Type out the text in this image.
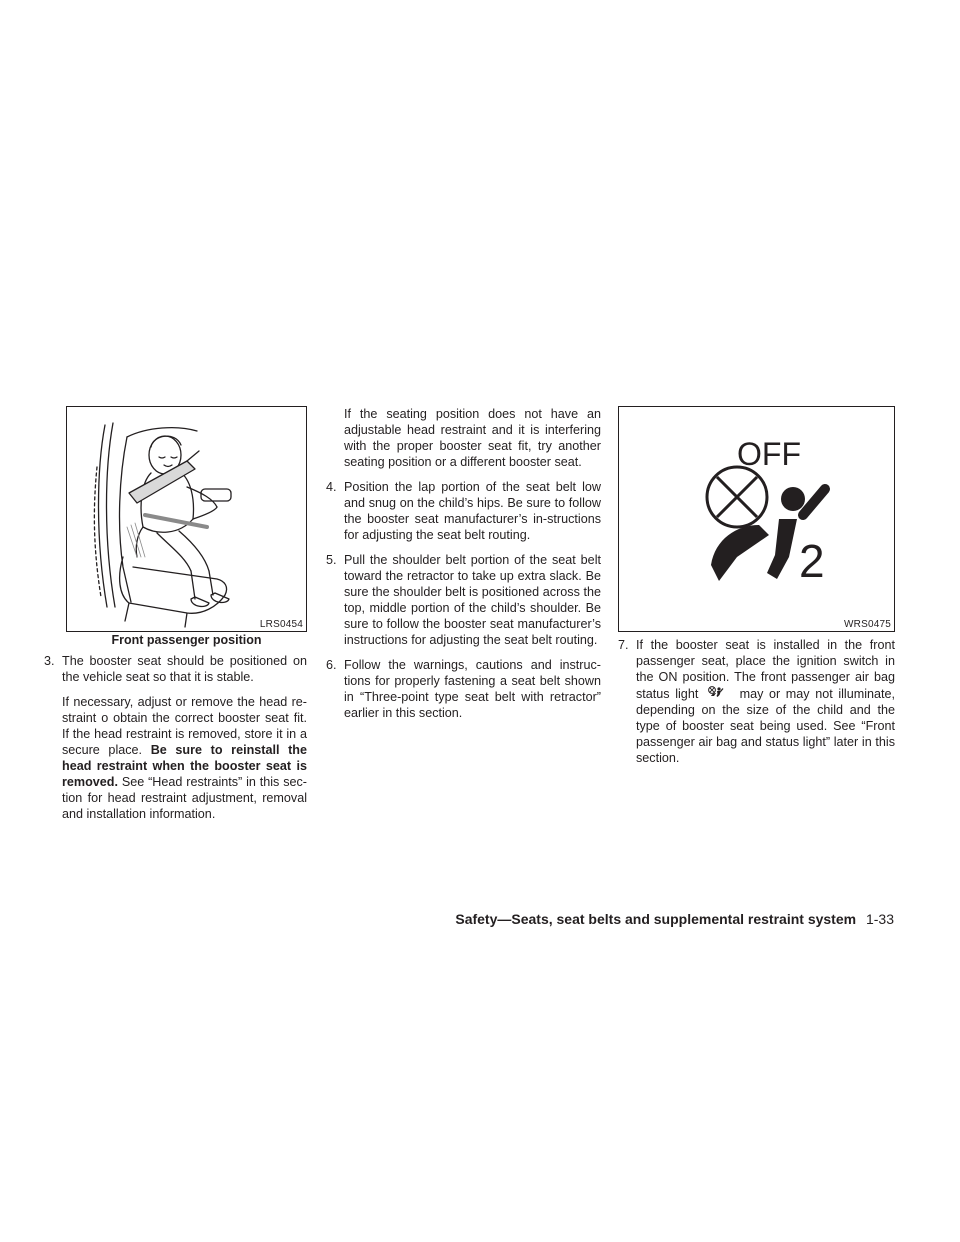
LRS0454
Front passenger position
3. The booster seat should be positioned on the vehicle seat so that it is stable.
If necessary, adjust or remove the head re-straint o obtain the correct booster seat fit. If the head restraint is removed, store it in a secure place. Be sure to reinstall the head restraint when the booster seat is removed. See “Head restraints” in this sec-tion for head restraint adjustment, removal and installation information.
If the seating position does not have an adjustable head restraint and it is interfering with the proper booster seat fit, try another seating position or a different booster seat.
4. Position the lap portion of the seat belt low and snug on the child’s hips. Be sure to follow the booster seat manufacturer’s in-structions for adjusting the seat belt routing.
5. Pull the shoulder belt portion of the seat belt toward the retractor to take up extra slack. Be sure the shoulder belt is positioned across the top, middle portion of the child’s shoulder. Be sure to follow the booster seat manufacturer’s instructions for adjusting the seat belt routing.
6. Follow the warnings, cautions and instruc-tions for properly fastening a seat belt shown in “Three-point type seat belt with retractor” earlier in this section.
OFF
2
WRS0475
7. If the booster seat is installed in the front passenger seat, place the ignition switch in the ON position. The front passenger air bag status light	may or may not illuminate, depending on the size of the child and the type of booster seat being used. See “Front passenger air bag and status light” later in this section.
Safety—Seats, seat belts and supplemental restraint system 1-33
